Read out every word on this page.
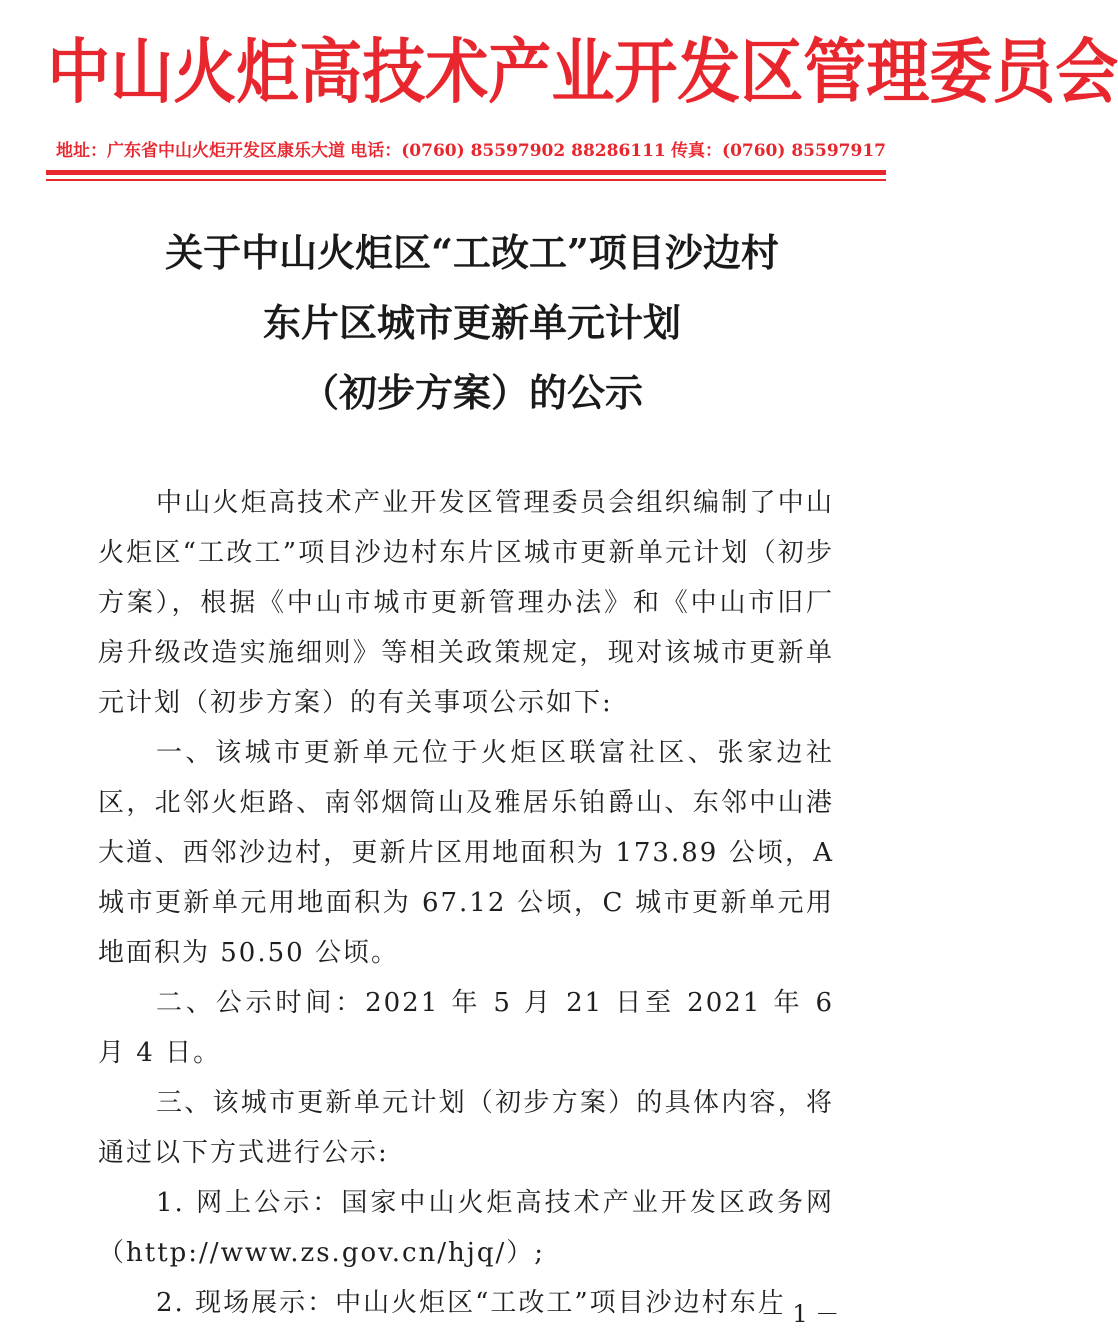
中山火炬高技术产业开发区管理委员会
地址：广东省中山火炬开发区康乐大道 电话：(0760) 85597902 88286111 传真：(0760) 85597917
关于中山火炬区“工改工”项目沙边村
东片区城市更新单元计划
（初步方案）的公示

中山火炬高技术产业开发区管理委员会组织编制了中山火炬区“工改工”项目沙边村东片区城市更新单元计划（初步方案），根据《中山市城市更新管理办法》和《中山市旧厂房升级改造实施细则》等相关政策规定，现对该城市更新单元计划（初步方案）的有关事项公示如下:

一、该城市更新单元位于火炬区联富社区、张家边社区，北邻火炬路、南邻烟筒山及雅居乐铂爵山、东邻中山港大道、西邻沙边村，更新片区用地面积为 173.89 公顷，A 城市更新单元用地面积为 67.12 公顷，C 城市更新单元用地面积为 50.50 公顷。

二、公示时间：2021 年 5 月 21 日至 2021 年 6 月 4 日。

三、该城市更新单元计划（初步方案）的具体内容，将通过以下方式进行公示:

1. 网上公示：国家中山火炬高技术产业开发区政务网（http://www.zs.gov.cn/hjq/）;

2. 现场展示：中山火炬区“工改工”项目沙边村东片

－ 1 －
